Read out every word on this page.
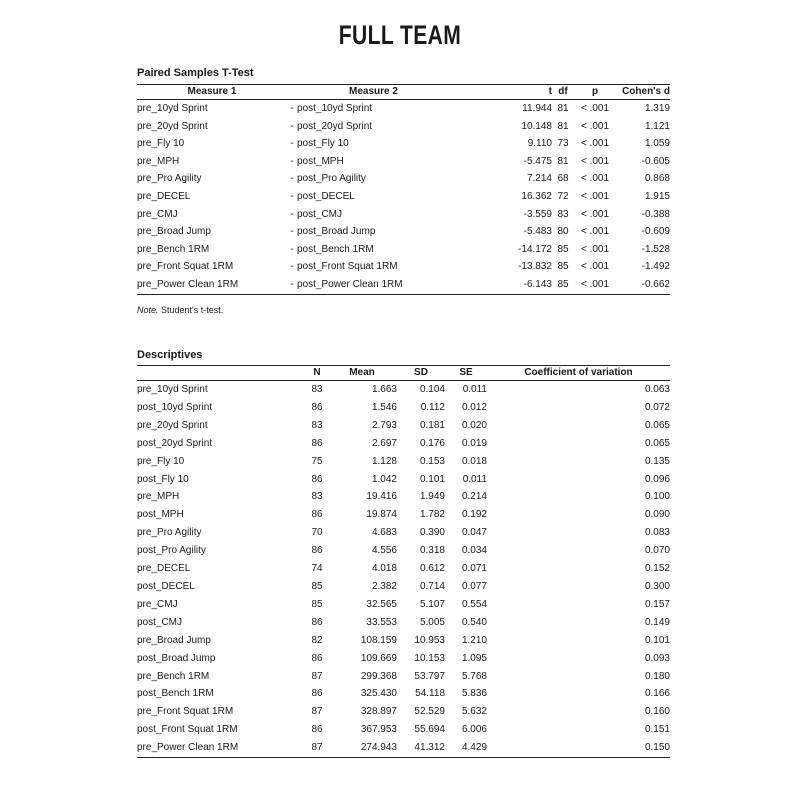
FULL TEAM
Paired Samples T-Test
Measure 1		Measure 2	t	df	p	Cohen's d
pre_10yd Sprint	-	post_10yd Sprint	11.944	81	< .001	1.319
pre_20yd Sprint	-	post_20yd Sprint	10.148	81	< .001	1.121
pre_Fly 10	-	post_Fly 10	9.110	73	< .001	1.059
pre_MPH	-	post_MPH	-5.475	81	< .001	-0.605
pre_Pro Agility	-	post_Pro Agility	7.214	68	< .001	0.868
pre_DECEL	-	post_DECEL	16.362	72	< .001	1.915
pre_CMJ	-	post_CMJ	-3.559	83	< .001	-0.388
pre_Broad Jump	-	post_Broad Jump	-5.483	80	< .001	-0.609
pre_Bench 1RM	-	post_Bench 1RM	-14.172	85	< .001	-1.528
pre_Front Squat 1RM	-	post_Front Squat 1RM	-13.832	85	< .001	-1.492
pre_Power Clean 1RM	-	post_Power Clean 1RM	-6.143	85	< .001	-0.662
Note. Student's t-test.
Descriptives
	N	Mean	SD	SE	Coefficient of variation
pre_10yd Sprint	83	1.663	0.104	0.011	0.063
post_10yd Sprint	86	1.546	0.112	0.012	0.072
pre_20yd Sprint	83	2.793	0.181	0.020	0.065
post_20yd Sprint	86	2.697	0.176	0.019	0.065
pre_Fly 10	75	1.128	0.153	0.018	0.135
post_Fly 10	86	1.042	0.101	0.011	0.096
pre_MPH	83	19.416	1.949	0.214	0.100
post_MPH	86	19.874	1.782	0.192	0.090
pre_Pro Agility	70	4.683	0.390	0.047	0.083
post_Pro Agility	86	4.556	0.318	0.034	0.070
pre_DECEL	74	4.018	0.612	0.071	0.152
post_DECEL	85	2.382	0.714	0.077	0.300
pre_CMJ	85	32.565	5.107	0.554	0.157
post_CMJ	86	33.553	5.005	0.540	0.149
pre_Broad Jump	82	108.159	10.953	1.210	0.101
post_Broad Jump	86	109.669	10.153	1.095	0.093
pre_Bench 1RM	87	299.368	53.797	5.768	0.180
post_Bench 1RM	86	325.430	54.118	5.836	0.166
pre_Front Squat 1RM	87	328.897	52.529	5.632	0.160
post_Front Squat 1RM	86	367.953	55.694	6.006	0.151
pre_Power Clean 1RM	87	274.943	41.312	4.429	0.150
